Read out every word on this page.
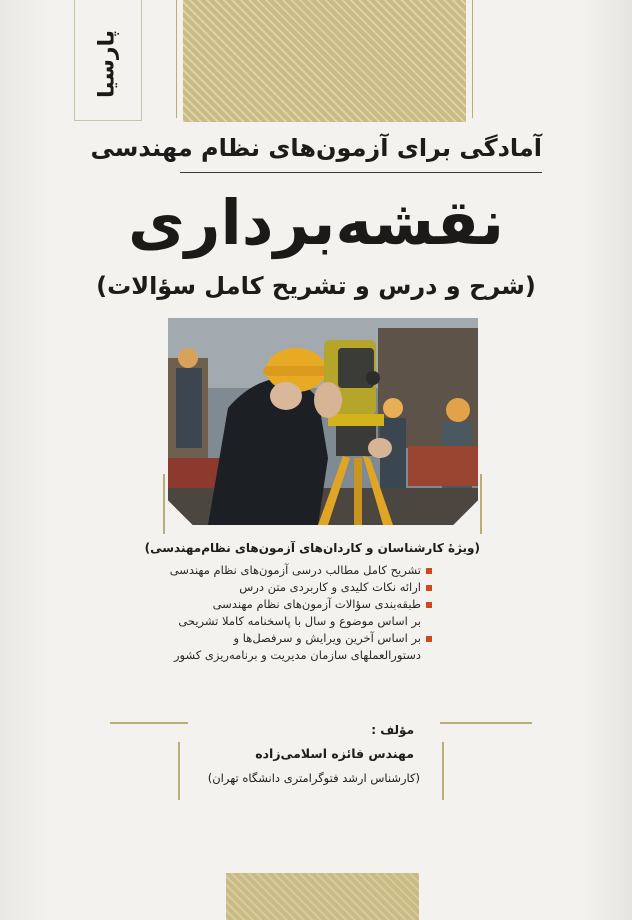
پارسیا
آمادگی برای آزمون‌های نظام مهندسی
نقشه‌برداری
(شرح و درس و تشریح کامل سؤالات)
(ویژهٔ کارشناسان و کاردان‌های آزمون‌های نظام‌مهندسی)
تشریح کامل مطالب درسی آزمون‌های نظام مهندسی
ارائه نکات کلیدی و کاربردی متن درس
طبقه‌بندی سؤالات آزمون‌های نظام مهندسی
بر اساس موضوع و سال با پاسخنامه کاملا تشریحی
بر اساس آخرین ویرایش و سرفصل‌ها و
دستورالعملهای سازمان مدیریت و برنامه‌ریزی کشور
مؤلف :
مهندس فائزه اسلامی‌زاده
(کارشناس ارشد فتوگرامتری دانشگاه تهران)
